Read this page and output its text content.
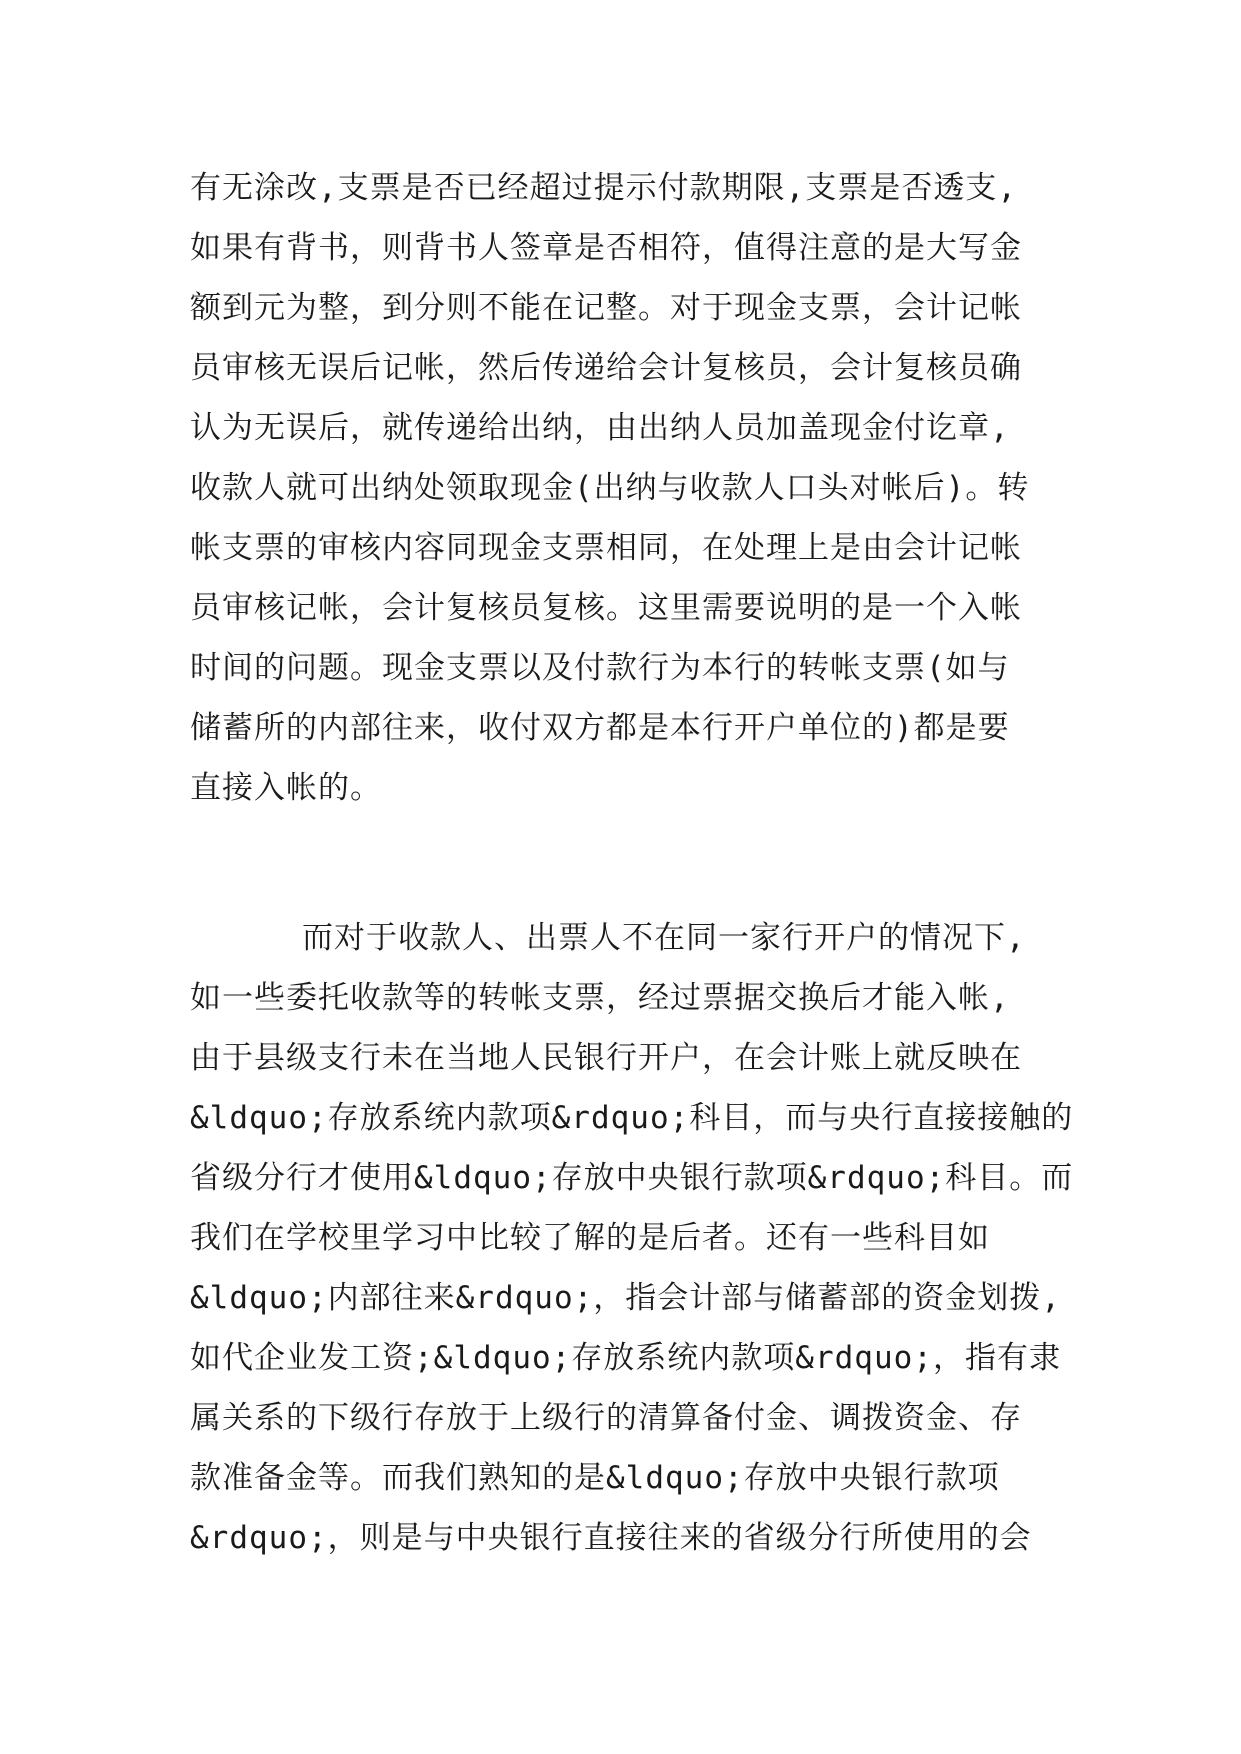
有无涂改,支票是否已经超过提示付款期限,支票是否透支,
如果有背书，则背书人签章是否相符，值得注意的是大写金
额到元为整，到分则不能在记整。对于现金支票，会计记帐
员审核无误后记帐，然后传递给会计复核员，会计复核员确
认为无误后，就传递给出纳，由出纳人员加盖现金付讫章,
收款人就可出纳处领取现金(出纳与收款人口头对帐后)。转
帐支票的审核内容同现金支票相同，在处理上是由会计记帐
员审核记帐，会计复核员复核。这里需要说明的是一个入帐
时间的问题。现金支票以及付款行为本行的转帐支票(如与
储蓄所的内部往来，收付双方都是本行开户单位的)都是要
直接入帐的。
而对于收款人、出票人不在同一家行开户的情况下,
如一些委托收款等的转帐支票，经过票据交换后才能入帐,
由于县级支行未在当地人民银行开户，在会计账上就反映在
&ldquo;存放系统内款项&rdquo;科目，而与央行直接接触的
省级分行才使用&ldquo;存放中央银行款项&rdquo;科目。而
我们在学校里学习中比较了解的是后者。还有一些科目如
&ldquo;内部往来&rdquo;，指会计部与储蓄部的资金划拨,
如代企业发工资;&ldquo;存放系统内款项&rdquo;，指有隶
属关系的下级行存放于上级行的清算备付金、调拨资金、存
款准备金等。而我们熟知的是&ldquo;存放中央银行款项
&rdquo;，则是与中央银行直接往来的省级分行所使用的会
